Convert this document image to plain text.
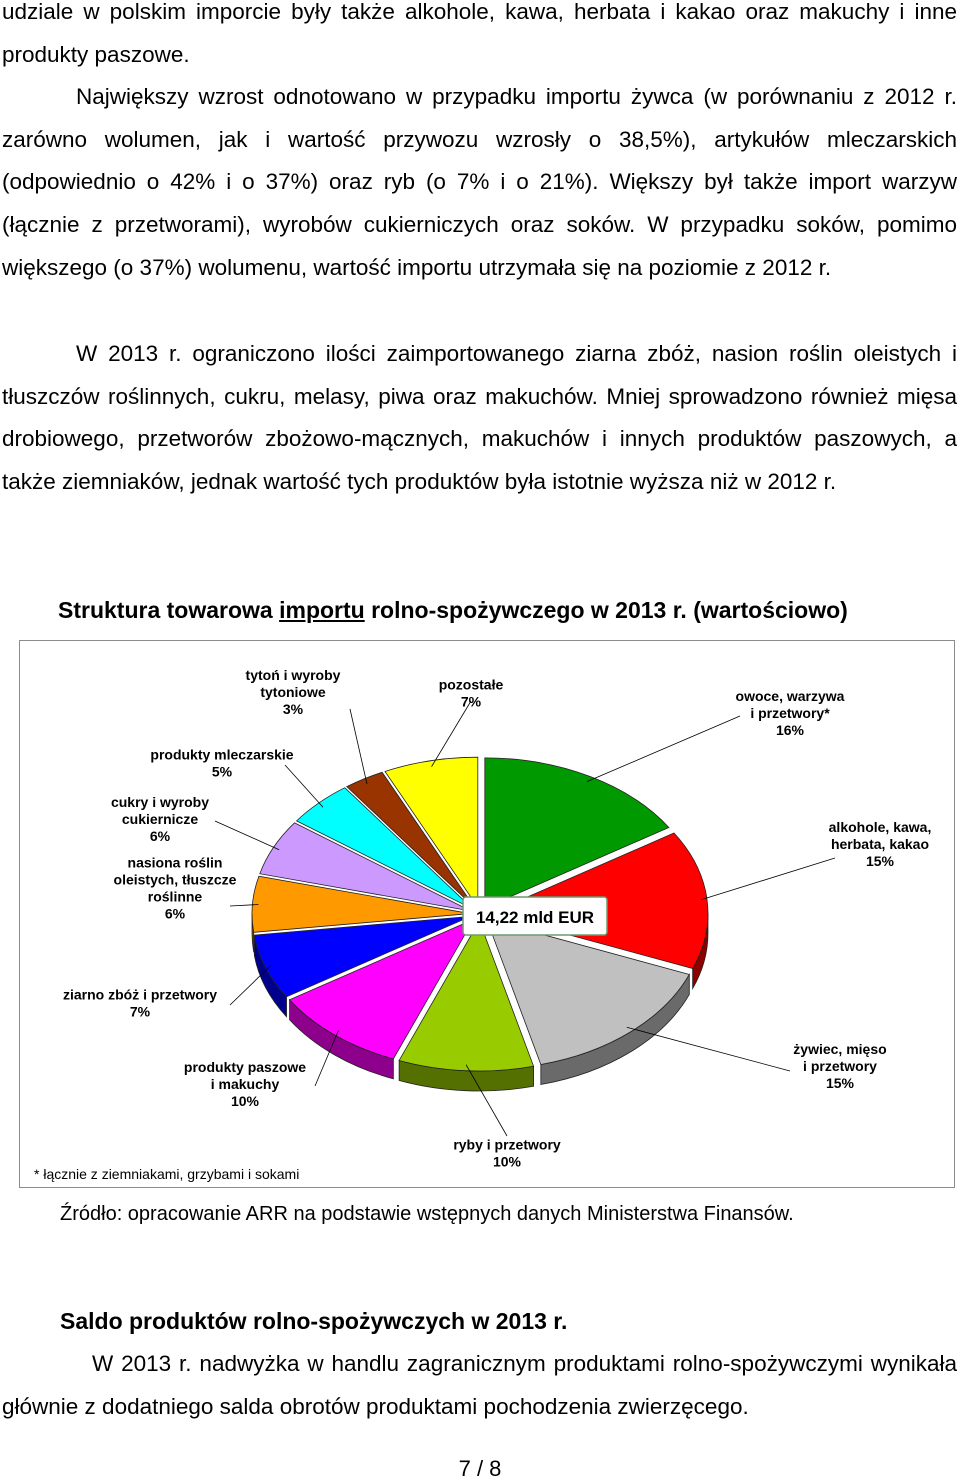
udziale w polskim imporcie były także alkohole, kawa, herbata i kakao oraz makuchy i inne produkty paszowe.

Największy wzrost odnotowano w przypadku importu żywca (w porównaniu z 2012 r. zarówno wolumen, jak i wartość przywozu wzrosły o 38,5%), artykułów mleczarskich (odpowiednio o 42% i o 37%) oraz ryb (o 7% i o 21%). Większy był także import warzyw (łącznie z przetworami), wyrobów cukierniczych oraz soków. W przypadku soków, pomimo większego (o 37%) wolumenu, wartość importu utrzymała się na poziomie z 2012 r.

W 2013 r. ograniczono ilości zaimportowanego ziarna zbóż, nasion roślin oleistych i tłuszczów roślinnych, cukru, melasy, piwa oraz makuchów. Mniej sprowadzono również mięsa drobiowego, przetworów zbożowo-mącznych, makuchów i innych produktów paszowych, a także ziemniaków, jednak wartość tych produktów była istotnie wyższa niż w 2012 r.

Struktura towarowa importu rolno-spożywczego w 2013 r. (wartościowo)

owoce, warzywa i przetwory* 16%
alkohole, kawa, herbata, kakao 15%
żywiec, mięso i przetwory 15%
ryby i przetwory 10%
produkty paszowe i makuchy 10%
ziarno zbóż i przetwory 7%
nasiona roślin oleistych, tłuszcze roślinne 6%
cukry i wyroby cukiernicze 6%
produkty mleczarskie 5%
tytoń i wyroby tytoniowe 3%
pozostałe 7%
14,22 mld EUR
* łącznie z ziemniakami, grzybami i sokami

Źródło: opracowanie ARR na podstawie wstępnych danych Ministerstwa Finansów.

Saldo produktów rolno-spożywczych w 2013 r.

W 2013 r. nadwyżka w handlu zagranicznym produktami rolno-spożywczymi wynikała głównie z dodatniego salda obrotów produktami pochodzenia zwierzęcego.

7 / 8
